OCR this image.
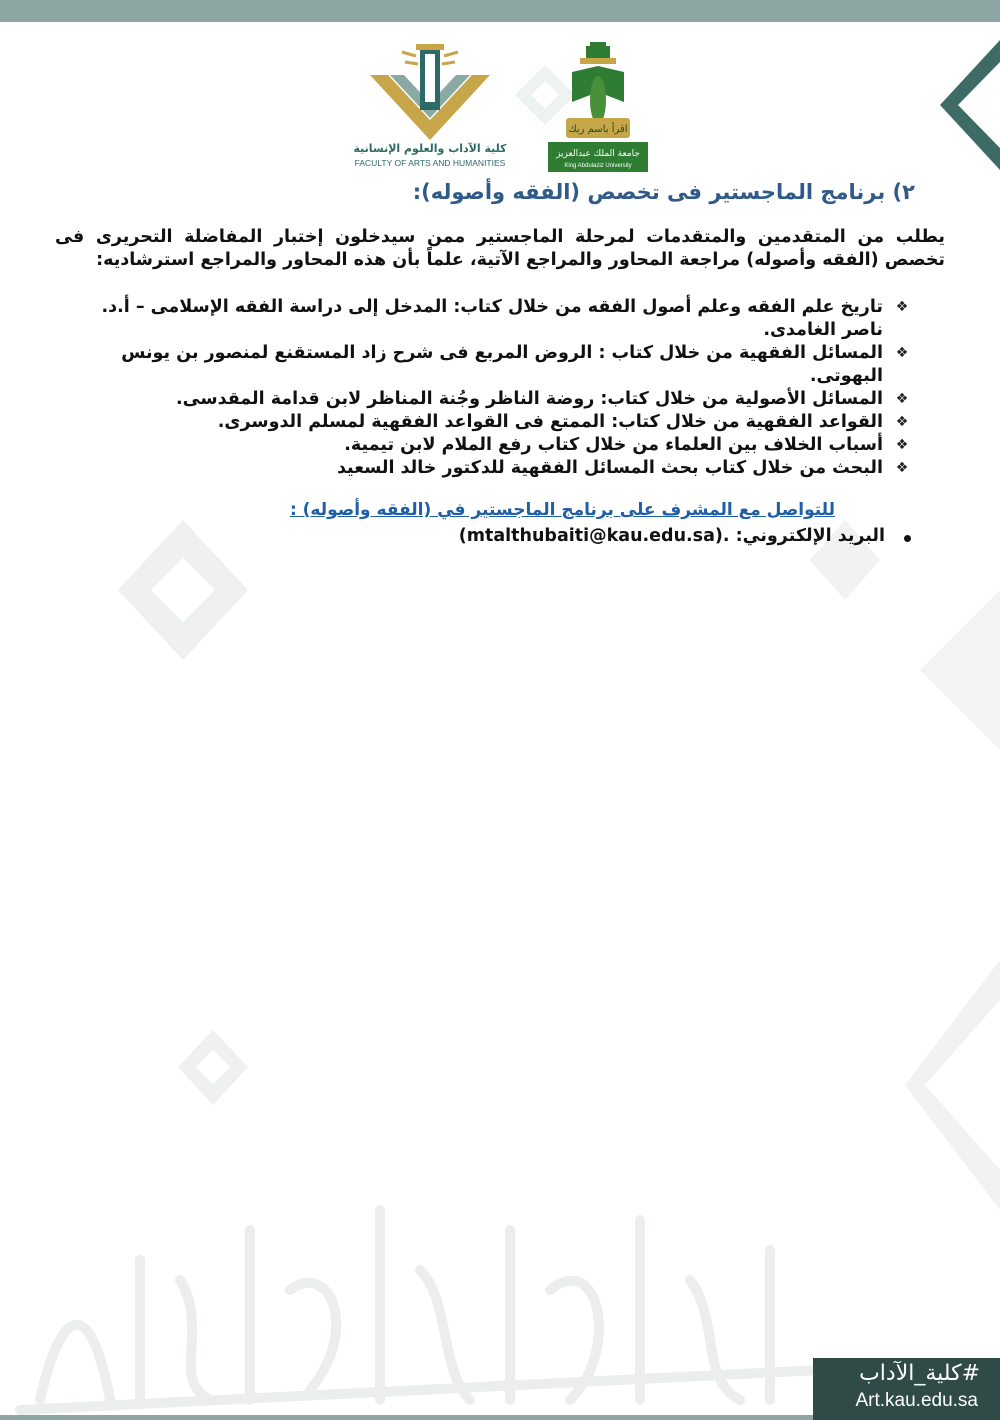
كلية الآداب والعلوم الإنسانية
FACULTY OF ARTS AND HUMANITIES
اقرأ باسم ربك
جامعة الملك عبدالعزيز
King Abdulaziz University
٢) برنامج الماجستير فى تخصص (الفقه وأصوله):

يطلب من المتقدمين والمتقدمات لمرحلة الماجستير ممن سيدخلون إختبار المفاضلة التحريرى فى تخصص (الفقه وأصوله) مراجعة المحاور والمراجع الآتية، علماً بأن هذه المحاور والمراجع استرشاديه:

❖
تاريخ علم الفقه وعلم أصول الفقه من خلال كتاب: المدخل إلى دراسة الفقه الإسلامى – أ.د. ناصر الغامدى.
❖
المسائل الفقهية من خلال كتاب : الروض المربع فى شرح زاد المستقنع لمنصور بن يونس البهوتى.
❖
المسائل الأصولية من خلال كتاب: روضة الناظر وجُنة المناظر لابن قدامة المقدسى.
❖
القواعد الفقهية من خلال كتاب: الممتع فى القواعد الفقهية لمسلم الدوسرى.
❖
أسباب الخلاف بين العلماء من خلال كتاب رفع الملام لابن تيمية.
❖
البحث من خلال كتاب بحث المسائل الفقهية للدكتور خالد السعيد

للتواصل مع المشرف على برنامج الماجستير في (الفقه وأصوله) :

البريد الإلكتروني: (mtalthubaiti@kau.edu.sa).
#كلية_الآداب
Art.kau.edu.sa
